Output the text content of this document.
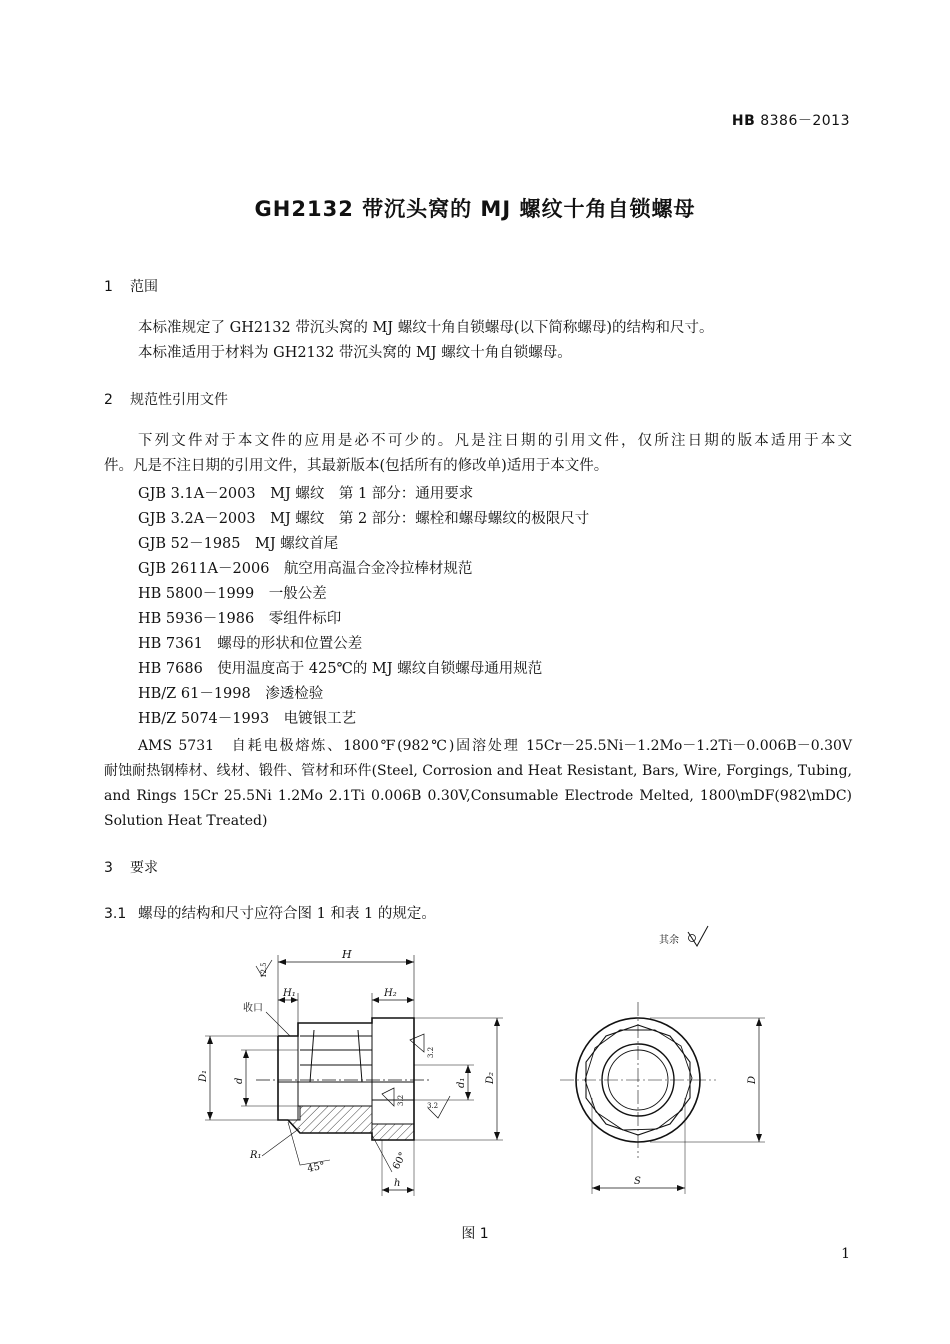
HB 8386－2013
GH2132 带沉头窝的 MJ 螺纹十角自锁螺母
1 范围
本标准规定了 GH2132 带沉头窝的 MJ 螺纹十角自锁螺母(以下简称螺母)的结构和尺寸。
本标准适用于材料为 GH2132 带沉头窝的 MJ 螺纹十角自锁螺母。
2 规范性引用文件
下列文件对于本文件的应用是必不可少的。凡是注日期的引用文件，仅所注日期的版本适用于本文
件。凡是不注日期的引用文件，其最新版本(包括所有的修改单)适用于本文件。
GJB 3.1A－2003　MJ 螺纹　第 1 部分：通用要求
GJB 3.2A－2003　MJ 螺纹　第 2 部分：螺栓和螺母螺纹的极限尺寸
GJB 52－1985　MJ 螺纹首尾
GJB 2611A－2006　航空用高温合金冷拉棒材规范
HB 5800－1999　一般公差
HB 5936－1986　零组件标印
HB 7361　螺母的形状和位置公差
HB 7686　使用温度高于 425℃的 MJ 螺纹自锁螺母通用规范
HB/Z 61－1998　渗透检验
HB/Z 5074－1993　电镀银工艺
AMS 5731　自耗电极熔炼、1800℉(982℃)固溶处理 15Cr－25.5Ni－1.2Mo－1.2Ti－0.006B－0.30V
耐蚀耐热钢棒材、线材、锻件、管材和环件(Steel, Corrosion and Heat Resistant, Bars, Wire, Forgings, Tubing,
and Rings 15Cr 25.5Ni 1.2Mo 2.1Ti 0.006B 0.30V,Consumable Electrode Melted, 1800\mDF(982\mDC)
Solution Heat Treated)
3 要求
3.1 螺母的结构和尺寸应符合图 1 和表 1 的规定。
H
H₁	H₂
收口
D₁	d	d₁ D₂
R₁
45°	60°
h
D
S
其余
12.5
3.2
3.2	3.2
图 1
1
